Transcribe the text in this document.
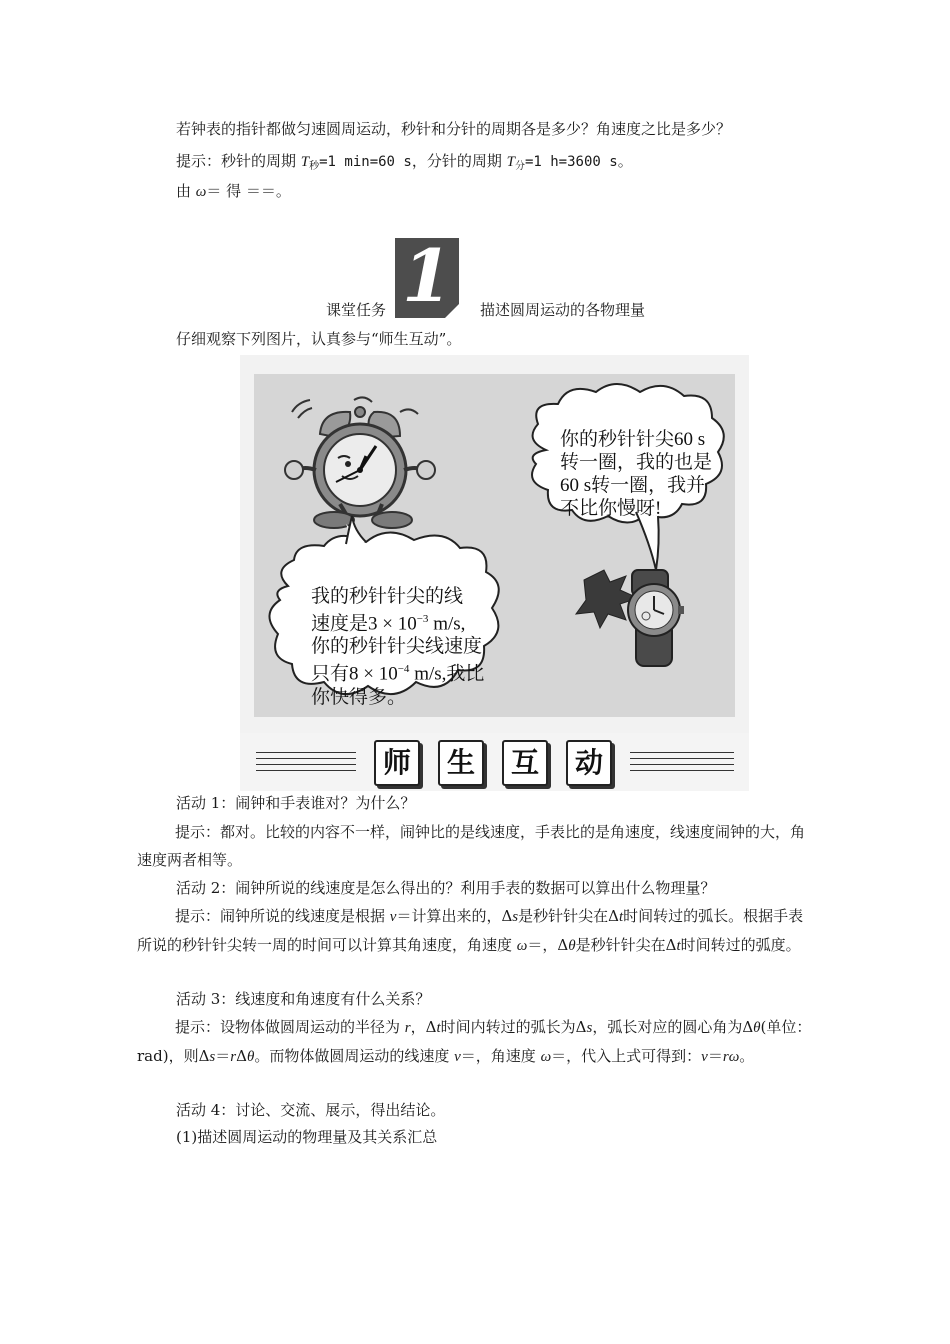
若钟表的指针都做匀速圆周运动，秒针和分针的周期各是多少？角速度之比是多少？
提示：秒针的周期 $T_秒=1$ min=60 s，分针的周期 $T_分=1$ h=3600 s。
由 ω＝ 得 ＝＝。
1
课堂任务	描述圆周运动的各物理量
仔细观察下列图片，认真参与“师生互动”。
你的秒针针尖60 s
转一圈，我的也是
60 s转一圈，我并
不比你慢呀!
我的秒针针尖的线
速度是$3 \times 10^{-3}$ m/s,
你的秒针针尖线速度
只有$8 \times 10^{-4}$ m/s,我比
你快得多。
师	生	互	动
活动 1：闹钟和手表谁对？为什么？
提示：都对。比较的内容不一样，闹钟比的是线速度，手表比的是角速度，线速度闹钟的大，角速度两者相等。
活动 2：闹钟所说的线速度是怎么得出的？利用手表的数据可以算出什么物理量？
提示：闹钟所说的线速度是根据 v＝计算出来的，Δs是秒针针尖在Δt时间转过的弧长。根据手表所说的秒针针尖转一周的时间可以计算其角速度，角速度 ω＝，Δθ是秒针针尖在Δt时间转过的弧度。
活动 3：线速度和角速度有什么关系？
提示：设物体做圆周运动的半径为 r，Δt时间内转过的弧长为Δs，弧长对应的圆心角为Δθ(单位：rad)，则Δs＝rΔθ。而物体做圆周运动的线速度 v＝，角速度 ω＝，代入上式可得到：v＝rω。
活动 4：讨论、交流、展示，得出结论。
(1)描述圆周运动的物理量及其关系汇总
